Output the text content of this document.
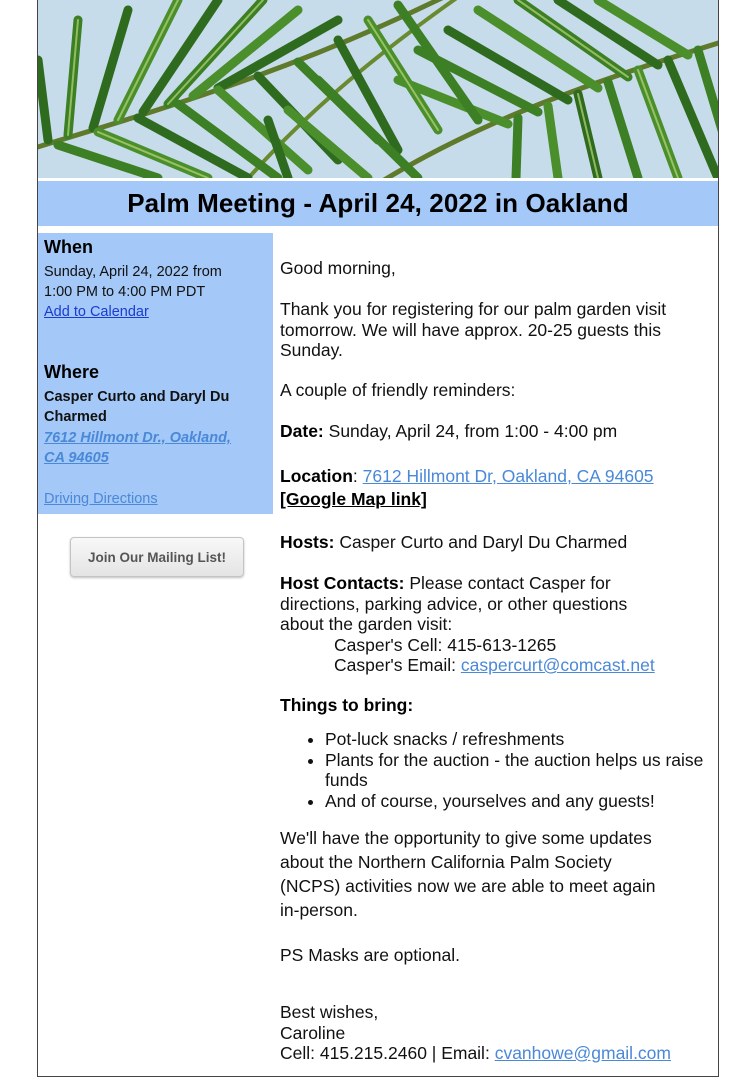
Palm Meeting - April 24, 2022 in Oakland
When
Sunday, April 24, 2022 from
1:00 PM to 4:00 PM PDT
Add to Calendar
Where
Casper Curto and Daryl Du
Charmed
7612 Hillmont Dr., Oakland,
CA 94605
Driving Directions
Join Our Mailing List!

Good morning,

Thank you for registering for our palm garden visit
tomorrow. We will have approx. 20-25 guests this
Sunday.

A couple of friendly reminders:

Date: Sunday, April 24, from 1:00 - 4:00 pm

Location: 7612 Hillmont Dr, Oakland, CA 94605

[Google Map link]

Hosts: Casper Curto and Daryl Du Charmed

Host Contacts: Please contact Casper for
directions, parking advice, or other questions
about the garden visit:
Casper's Cell: 415-613-1265
Casper's Email: caspercurt@comcast.net

Things to bring:

• Pot-luck snacks / refreshments
• Plants for the auction - the auction helps us raise funds
• And of course, yourselves and any guests!

We'll have the opportunity to give some updates
about the Northern California Palm Society
(NCPS) activities now we are able to meet again
in-person.

PS Masks are optional.

Best wishes,
Caroline
Cell: 415.215.2460 | Email: cvanhowe@gmail.com
